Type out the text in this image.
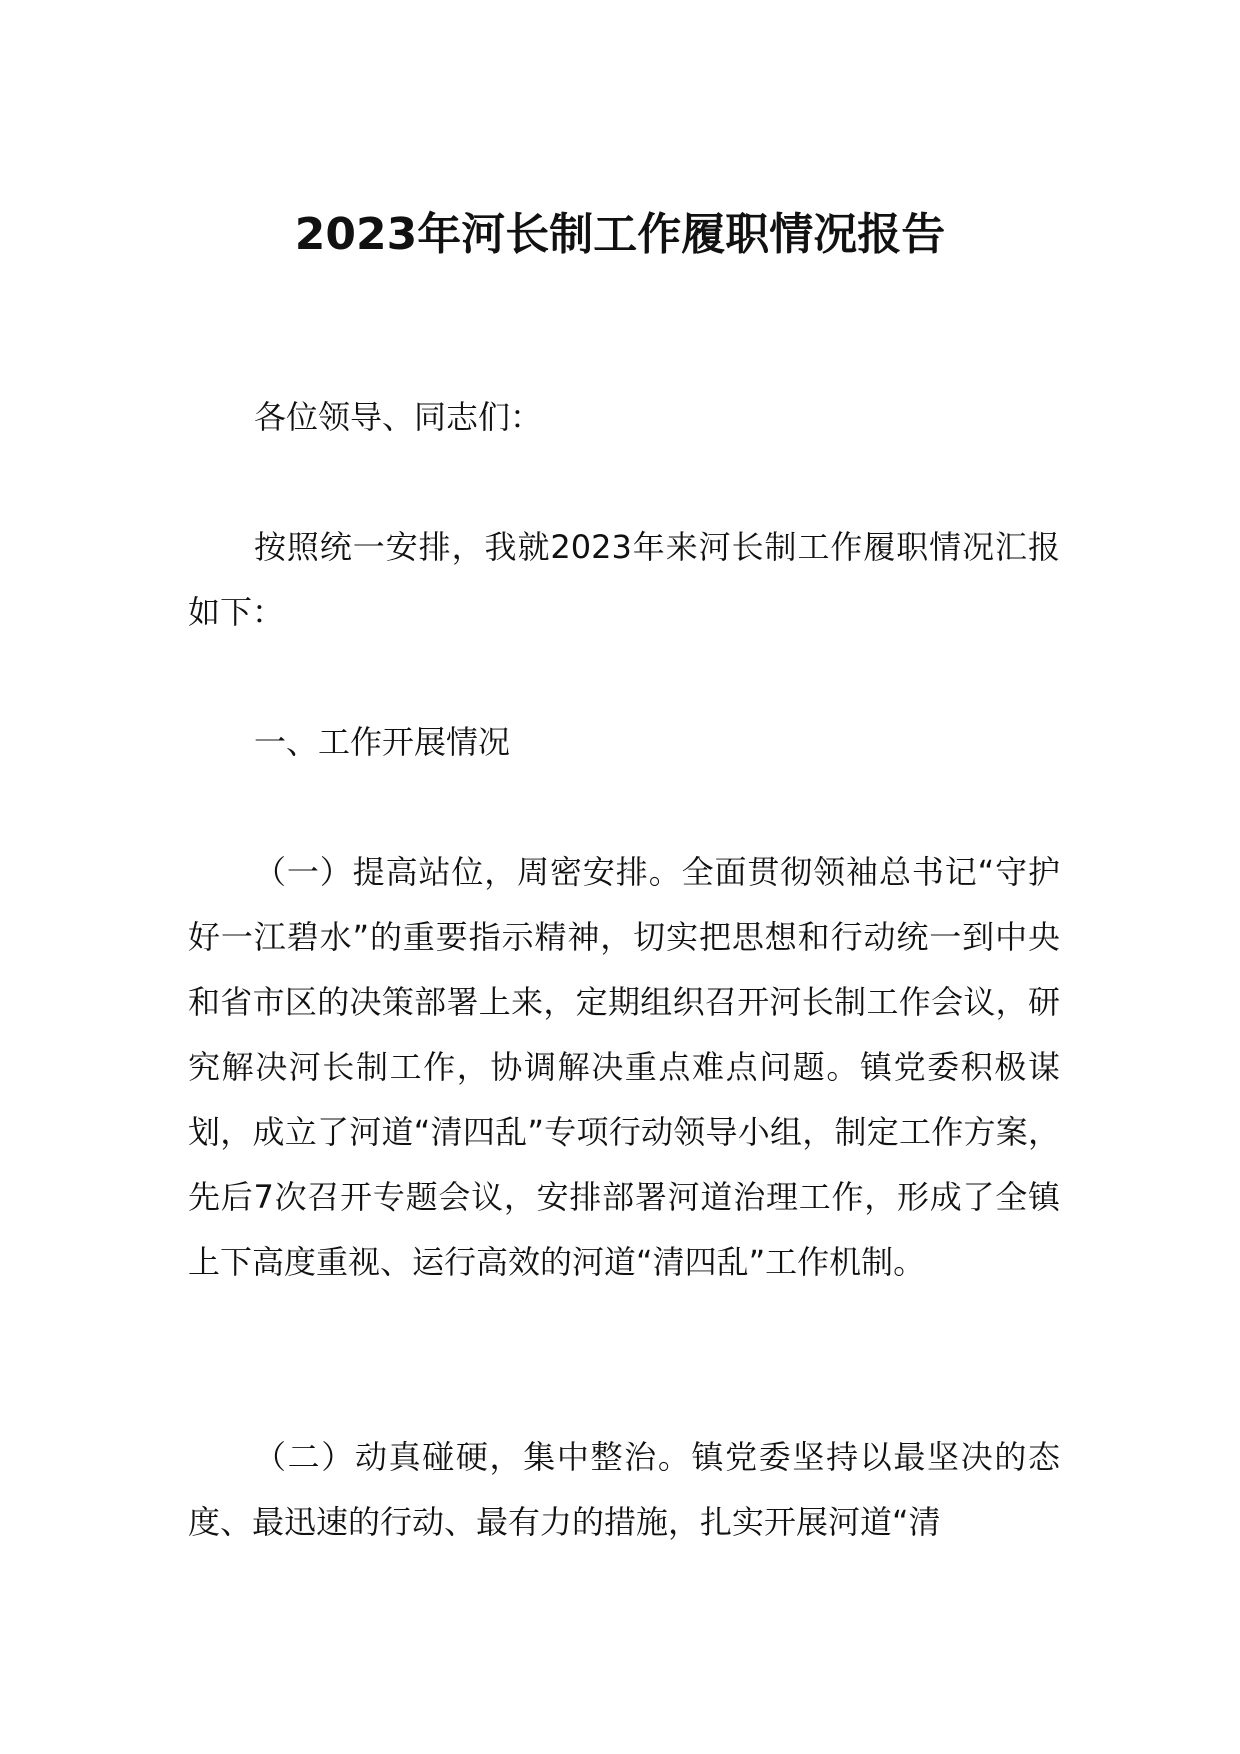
2023年河长制工作履职情况报告

各位领导、同志们：

按照统一安排，我就2023年来河长制工作履职情况汇报如下：

一、工作开展情况

（一）提高站位，周密安排。全面贯彻领袖总书记“守护好一江碧水”的重要指示精神，切实把思想和行动统一到中央和省市区的决策部署上来，定期组织召开河长制工作会议，研究解决河长制工作，协调解决重点难点问题。镇党委积极谋划，成立了河道“清四乱”专项行动领导小组，制定工作方案，先后7次召开专题会议，安排部署河道治理工作，形成了全镇上下高度重视、运行高效的河道“清四乱”工作机制。

（二）动真碰硬，集中整治。镇党委坚持以最坚决的态度、最迅速的行动、最有力的措施，扎实开展河道“清
